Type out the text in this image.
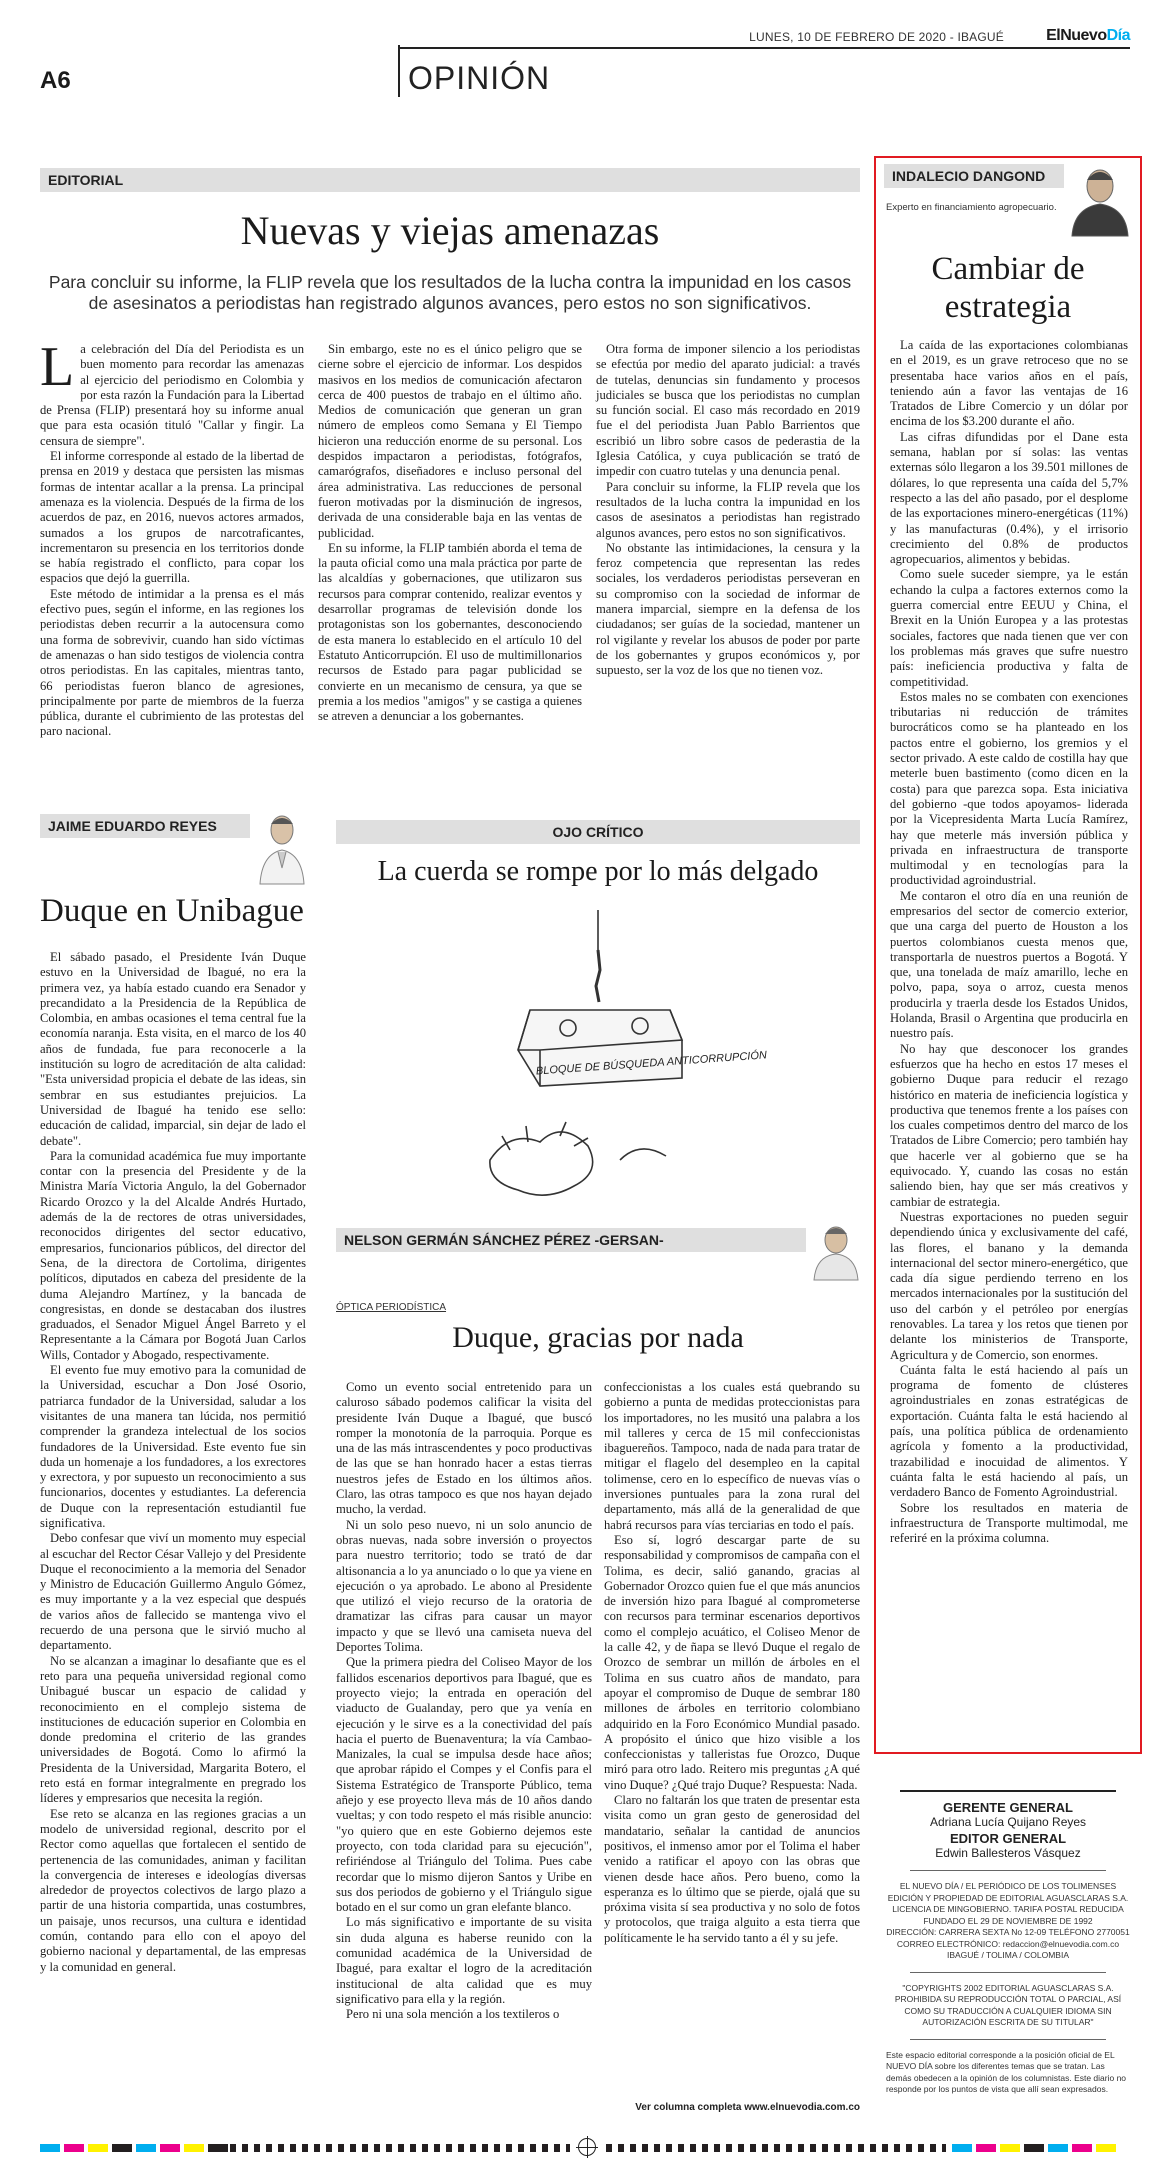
LUNES, 10 DE FEBRERO DE 2020 - IBAGUÉ	ElNuevoDía
A6	OPINIÓN
EDITORIAL
Nuevas y viejas amenazas
Para concluir su informe, la FLIP revela que los resultados de la lucha contra la impunidad en los casos de asesinatos a periodistas han registrado algunos avances, pero estos no son significativos.
L a celebración del Día del Periodista es un buen momento para recordar las amenazas al ejercicio del periodismo en Colombia y por esta razón la Fundación para la Libertad de Prensa (FLIP) presentará hoy su informe anual que para esta ocasión tituló "Callar y fingir. La censura de siempre".

El informe corresponde al estado de la libertad de prensa en 2019 y destaca que persisten las mismas formas de intentar acallar a la prensa. La principal amenaza es la violencia. Después de la firma de los acuerdos de paz, en 2016, nuevos actores armados, sumados a los grupos de narcotraficantes, incrementaron su presencia en los territorios donde se había registrado el conflicto, para copar los espacios que dejó la guerrilla.

Este método de intimidar a la prensa es el más efectivo pues, según el informe, en las regiones los periodistas deben recurrir a la autocensura como una forma de sobrevivir, cuando han sido víctimas de amenazas o han sido testigos de violencia contra otros periodistas. En las capitales, mientras tanto, 66 periodistas fueron blanco de agresiones, principalmente por parte de miembros de la fuerza pública, durante el cubrimiento de las protestas del paro nacional.

Sin embargo, este no es el único peligro que se cierne sobre el ejercicio de informar. Los despidos masivos en los medios de comunicación afectaron cerca de 400 puestos de trabajo en el último año. Medios de comunicación que generan un gran número de empleos como Semana y El Tiempo hicieron una reducción enorme de su personal. Los despidos impactaron a periodistas, fotógrafos, camarógrafos, diseñadores e incluso personal del área administrativa. Las reducciones de personal fueron motivadas por la disminución de ingresos, derivada de una considerable baja en las ventas de publicidad.

En su informe, la FLIP también aborda el tema de la pauta oficial como una mala práctica por parte de las alcaldías y gobernaciones, que utilizaron sus recursos para comprar contenido, realizar eventos y desarrollar programas de televisión donde los protagonistas son los gobernantes, desconociendo de esta manera lo establecido en el artículo 10 del Estatuto Anticorrupción. El uso de multimillonarios recursos de Estado para pagar publicidad se convierte en un mecanismo de censura, ya que se premia a los medios "amigos" y se castiga a quienes se atreven a denunciar a los gobernantes.

Otra forma de imponer silencio a los periodistas se efectúa por medio del aparato judicial: a través de tutelas, denuncias sin fundamento y procesos judiciales se busca que los periodistas no cumplan su función social. El caso más recordado en 2019 fue el del periodista Juan Pablo Barrientos que escribió un libro sobre casos de pederastia de la Iglesia Católica, y cuya publicación se trató de impedir con cuatro tutelas y una denuncia penal.

Para concluir su informe, la FLIP revela que los resultados de la lucha contra la impunidad en los casos de asesinatos a periodistas han registrado algunos avances, pero estos no son significativos.

No obstante las intimidaciones, la censura y la feroz competencia que representan las redes sociales, los verdaderos periodistas perseveran en su compromiso con la sociedad de informar de manera imparcial, siempre en la defensa de los ciudadanos; ser guías de la sociedad, mantener un rol vigilante y revelar los abusos de poder por parte de los gobernantes y grupos económicos y, por supuesto, ser la voz de los que no tienen voz.

JAIME EDUARDO REYES
Duque en Unibague

El sábado pasado, el Presidente Iván Duque estuvo en la Universidad de Ibagué, no era la primera vez, ya había estado cuando era Senador y precandidato a la Presidencia de la República de Colombia, en ambas ocasiones el tema central fue la economía naranja. Esta visita, en el marco de los 40 años de fundada, fue para reconocerle a la institución su logro de acreditación de alta calidad: "Esta universidad propicia el debate de las ideas, sin sembrar en sus estudiantes prejuicios. La Universidad de Ibagué ha tenido ese sello: educación de calidad, imparcial, sin dejar de lado el debate".

Para la comunidad académica fue muy importante contar con la presencia del Presidente y de la Ministra María Victoria Angulo, la del Gobernador Ricardo Orozco y la del Alcalde Andrés Hurtado, además de la de rectores de otras universidades, reconocidos dirigentes del sector educativo, empresarios, funcionarios públicos, del director del Sena, de la directora de Cortolima, dirigentes políticos, diputados en cabeza del presidente de la duma Alejandro Martínez, y la bancada de congresistas, en donde se destacaban dos ilustres graduados, el Senador Miguel Ángel Barreto y el Representante a la Cámara por Bogotá Juan Carlos Wills, Contador y Abogado, respectivamente.

El evento fue muy emotivo para la comunidad de la Universidad, escuchar a Don José Osorio, patriarca fundador de la Universidad, saludar a los visitantes de una manera tan lúcida, nos permitió comprender la grandeza intelectual de los socios fundadores de la Universidad. Este evento fue sin duda un homenaje a los fundadores, a los exrectores y exrectora, y por supuesto un reconocimiento a sus funcionarios, docentes y estudiantes. La deferencia de Duque con la representación estudiantil fue significativa.

Debo confesar que viví un momento muy especial al escuchar del Rector César Vallejo y del Presidente Duque el reconocimiento a la memoria del Senador y Ministro de Educación Guillermo Angulo Gómez, es muy importante y a la vez especial que después de varios años de fallecido se mantenga vivo el recuerdo de una persona que le sirvió mucho al departamento.

No se alcanzan a imaginar lo desafiante que es el reto para una pequeña universidad regional como Unibagué buscar un espacio de calidad y reconocimiento en el complejo sistema de instituciones de educación superior en Colombia en donde predomina el criterio de las grandes universidades de Bogotá. Como lo afirmó la Presidenta de la Universidad, Margarita Botero, el reto está en formar integralmente en pregrado los líderes y empresarios que necesita la región.

Ese reto se alcanza en las regiones gracias a un modelo de universidad regional, descrito por el Rector como aquellas que fortalecen el sentido de pertenencia de las comunidades, animan y facilitan la convergencia de intereses e ideologías diversas alrededor de proyectos colectivos de largo plazo a partir de una historia compartida, unas costumbres, un paisaje, unos recursos, una cultura e identidad común, contando para ello con el apoyo del gobierno nacional y departamental, de las empresas y la comunidad en general.

OJO CRÍTICO
La cuerda se rompe por lo más delgado
BLOQUE DE BÚSQUEDA ANTICORRUPCIÓN
NELSON GERMÁN SÁNCHEZ PÉREZ -GERSAN-
ÓPTICA PERIODÍSTICA
Duque, gracias por nada

Como un evento social entretenido para un caluroso sábado podemos calificar la visita del presidente Iván Duque a Ibagué, que buscó romper la monotonía de la parroquia. Porque es una de las más intrascendentes y poco productivas de las que se han honrado hacer a estas tierras nuestros jefes de Estado en los últimos años. Claro, las otras tampoco es que nos hayan dejado mucho, la verdad.

Ni un solo peso nuevo, ni un solo anuncio de obras nuevas, nada sobre inversión o proyectos para nuestro territorio; todo se trató de dar altisonancia a lo ya anunciado o lo que ya viene en ejecución o ya aprobado. Le abono al Presidente que utilizó el viejo recurso de la oratoria de dramatizar las cifras para causar un mayor impacto y que se llevó una camiseta nueva del Deportes Tolima.

Que la primera piedra del Coliseo Mayor de los fallidos escenarios deportivos para Ibagué, que es proyecto viejo; la entrada en operación del viaducto de Gualanday, pero que ya venía en ejecución y le sirve es a la conectividad del país hacia el puerto de Buenaventura; la vía Cambao-Manizales, la cual se impulsa desde hace años; que aprobar rápido el Compes y el Confis para el Sistema Estratégico de Transporte Público, tema añejo y ese proyecto lleva más de 10 años dando vueltas; y con todo respeto el más risible anuncio: "yo quiero que en este Gobierno dejemos este proyecto, con toda claridad para su ejecución", refiriéndose al Triángulo del Tolima. Pues cabe recordar que lo mismo dijeron Santos y Uribe en sus dos periodos de gobierno y el Triángulo sigue botado en el sur como un gran elefante blanco.

Lo más significativo e importante de su visita sin duda alguna es haberse reunido con la comunidad académica de la Universidad de Ibagué, para exaltar el logro de la acreditación institucional de alta calidad que es muy significativo para ella y la región.

Pero ni una sola mención a los textileros o

confeccionistas a los cuales está quebrando su gobierno a punta de medidas proteccionistas para los importadores, no les musitó una palabra a los mil talleres y cerca de 15 mil confeccionistas ibaguereños. Tampoco, nada de nada para tratar de mitigar el flagelo del desempleo en la capital tolimense, cero en lo específico de nuevas vías o inversiones puntuales para la zona rural del departamento, más allá de la generalidad de que habrá recursos para vías terciarias en todo el país.

Eso sí, logró descargar parte de su responsabilidad y compromisos de campaña con el Tolima, es decir, salió ganando, gracias al Gobernador Orozco quien fue el que más anuncios de inversión hizo para Ibagué al comprometerse con recursos para terminar escenarios deportivos como el complejo acuático, el Coliseo Menor de la calle 42, y de ñapa se llevó Duque el regalo de Orozco de sembrar un millón de árboles en el Tolima en sus cuatro años de mandato, para apoyar el compromiso de Duque de sembrar 180 millones de árboles en territorio colombiano adquirido en la Foro Económico Mundial pasado. A propósito el único que hizo visible a los confeccionistas y talleristas fue Orozco, Duque miró para otro lado. Reitero mis preguntas ¿A qué vino Duque? ¿Qué trajo Duque? Respuesta: Nada.

Claro no faltarán los que traten de presentar esta visita como un gran gesto de generosidad del mandatario, señalar la cantidad de anuncios positivos, el inmenso amor por el Tolima el haber venido a ratificar el apoyo con las obras que vienen desde hace años. Pero bueno, como la esperanza es lo último que se pierde, ojalá que su próxima visita sí sea productiva y no solo de fotos y protocolos, que traiga alguito a esta tierra que políticamente le ha servido tanto a él y su jefe.

Ver columna completa www.elnuevodia.com.co
INDALECIO DANGOND
Experto en financiamiento agropecuario.
Cambiar de estrategia

La caída de las exportaciones colombianas en el 2019, es un grave retroceso que no se presentaba hace varios años en el país, teniendo aún a favor las ventajas de 16 Tratados de Libre Comercio y un dólar por encima de los $3.200 durante el año.

Las cifras difundidas por el Dane esta semana, hablan por sí solas: las ventas externas sólo llegaron a los 39.501 millones de dólares, lo que representa una caída del 5,7% respecto a las del año pasado, por el desplome de las exportaciones minero-energéticas (11%) y las manufacturas (0.4%), y el irrisorio crecimiento del 0.8% de productos agropecuarios, alimentos y bebidas.

Como suele suceder siempre, ya le están echando la culpa a factores externos como la guerra comercial entre EEUU y China, el Brexit en la Unión Europea y a las protestas sociales, factores que nada tienen que ver con los problemas más graves que sufre nuestro país: ineficiencia productiva y falta de competitividad.

Estos males no se combaten con exenciones tributarias ni reducción de trámites burocráticos como se ha planteado en los pactos entre el gobierno, los gremios y el sector privado. A este caldo de costilla hay que meterle buen bastimento (como dicen en la costa) para que parezca sopa. Esta iniciativa del gobierno -que todos apoyamos- liderada por la Vicepresidenta Marta Lucía Ramírez, hay que meterle más inversión pública y privada en infraestructura de transporte multimodal y en tecnologías para la productividad agroindustrial.

Me contaron el otro día en una reunión de empresarios del sector de comercio exterior, que una carga del puerto de Houston a los puertos colombianos cuesta menos que, transportarla de nuestros puertos a Bogotá. Y que, una tonelada de maíz amarillo, leche en polvo, papa, soya o arroz, cuesta menos producirla y traerla desde los Estados Unidos, Holanda, Brasil o Argentina que producirla en nuestro país.

No hay que desconocer los grandes esfuerzos que ha hecho en estos 17 meses el gobierno Duque para reducir el rezago histórico en materia de ineficiencia logística y productiva que tenemos frente a los países con los cuales competimos dentro del marco de los Tratados de Libre Comercio; pero también hay que hacerle ver al gobierno que se ha equivocado. Y, cuando las cosas no están saliendo bien, hay que ser más creativos y cambiar de estrategia.

Nuestras exportaciones no pueden seguir dependiendo única y exclusivamente del café, las flores, el banano y la demanda internacional del sector minero-energético, que cada día sigue perdiendo terreno en los mercados internacionales por la sustitución del uso del carbón y el petróleo por energías renovables. La tarea y los retos que tienen por delante los ministerios de Transporte, Agricultura y de Comercio, son enormes.

Cuánta falta le está haciendo al país un programa de fomento de clústeres agroindustriales en zonas estratégicas de exportación. Cuánta falta le está haciendo al país, una política pública de ordenamiento agrícola y fomento a la productividad, trazabilidad e inocuidad de alimentos. Y cuánta falta le está haciendo al país, un verdadero Banco de Fomento Agroindustrial.

Sobre los resultados en materia de infraestructura de Transporte multimodal, me referiré en la próxima columna.

GERENTE GENERAL
Adriana Lucía Quijano Reyes
EDITOR GENERAL
Edwin Ballesteros Vásquez
EL NUEVO DÍA / EL PERIÓDICO DE LOS TOLIMENSES
EDICIÓN Y PROPIEDAD DE EDITORIAL AGUASCLARAS S.A.
LICENCIA DE MINGOBIERNO. TARIFA POSTAL REDUCIDA
FUNDADO EL 29 DE NOVIEMBRE DE 1992
DIRECCIÓN: CARRERA SEXTA No 12-09 TELÉFONO 2770051
CORREO ELECTRÓNICO: redaccion@elnuevodia.com.co
IBAGUÉ / TOLIMA / COLOMBIA
"COPYRIGHTS 2002 EDITORIAL AGUASCLARAS S.A. PROHIBIDA SU REPRODUCCIÓN TOTAL O PARCIAL, ASÍ COMO SU TRADUCCIÓN A CUALQUIER IDIOMA SIN AUTORIZACIÓN ESCRITA DE SU TITULAR"
Este espacio editorial corresponde a la posición oficial de EL NUEVO DÍA sobre los diferentes temas que se tratan. Las demás obedecen a la opinión de los columnistas. Este diario no responde por los puntos de vista que allí sean expresados.
